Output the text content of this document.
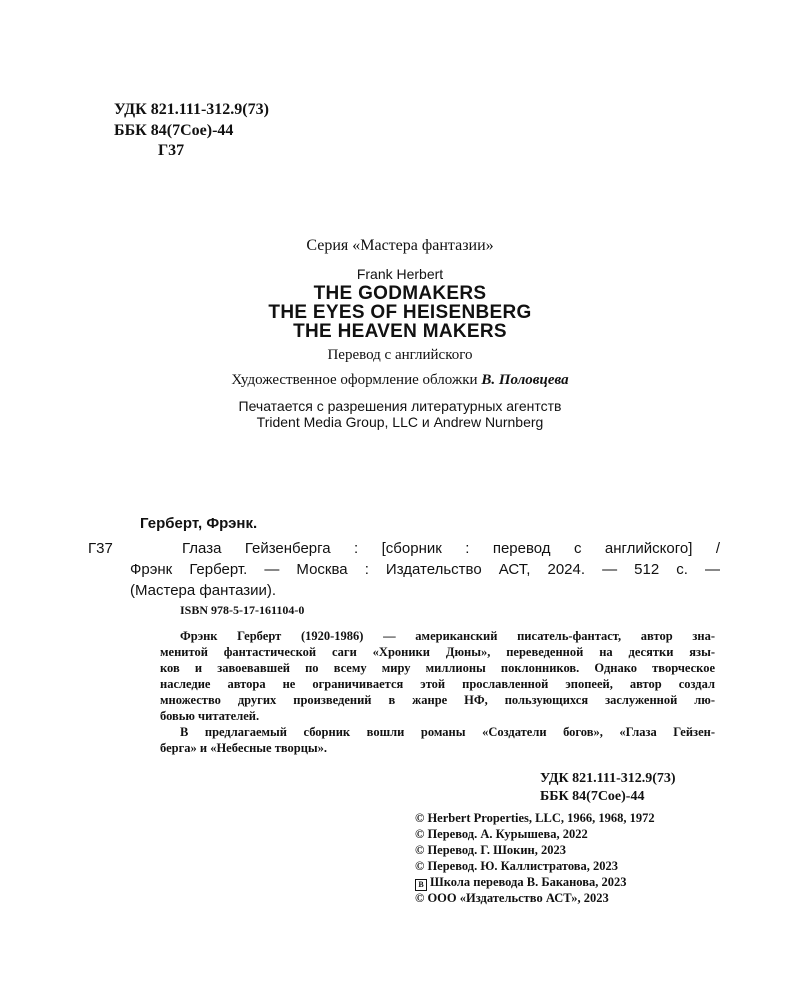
УДК 821.111-312.9(73)
ББК 84(7Сое)-44
Г37
Серия «Мастера фантазии»
Frank Herbert
THE GODMAKERS
THE EYES OF HEISENBERG
THE HEAVEN MAKERS
Перевод с английского
Художественное оформление обложки В. Половцева
Печатается с разрешения литературных агентств
Trident Media Group, LLC и Andrew Nurnberg
Герберт, Фрэнк.
Г37	Глаза Гейзенберга : [сборник : перевод с английского] /
Фрэнк Герберт. — Москва : Издательство АСТ, 2024. — 512 с. —
(Мастера фантазии).
ISBN 978-5-17-161104-0
Фрэнк Герберт (1920-1986) — американский писатель-фантаст, автор зна-
менитой фантастической саги «Хроники Дюны», переведенной на десятки язы-
ков и завоевавшей по всему миру миллионы поклонников. Однако творческое
наследие автора не ограничивается этой прославленной эпопеей, автор создал
множество других произведений в жанре НФ, пользующихся заслуженной лю-
бовью читателей.
В предлагаемый сборник вошли романы «Создатели богов», «Глаза Гейзен-
берга» и «Небесные творцы».
УДК 821.111-312.9(73)
ББК 84(7Сое)-44
© Herbert Properties, LLC, 1966, 1968, 1972
© Перевод. А. Курышева, 2022
© Перевод. Г. Шокин, 2023
© Перевод. Ю. Каллистратова, 2023
В Школа перевода В. Баканова, 2023
© ООО «Издательство АСТ», 2023
